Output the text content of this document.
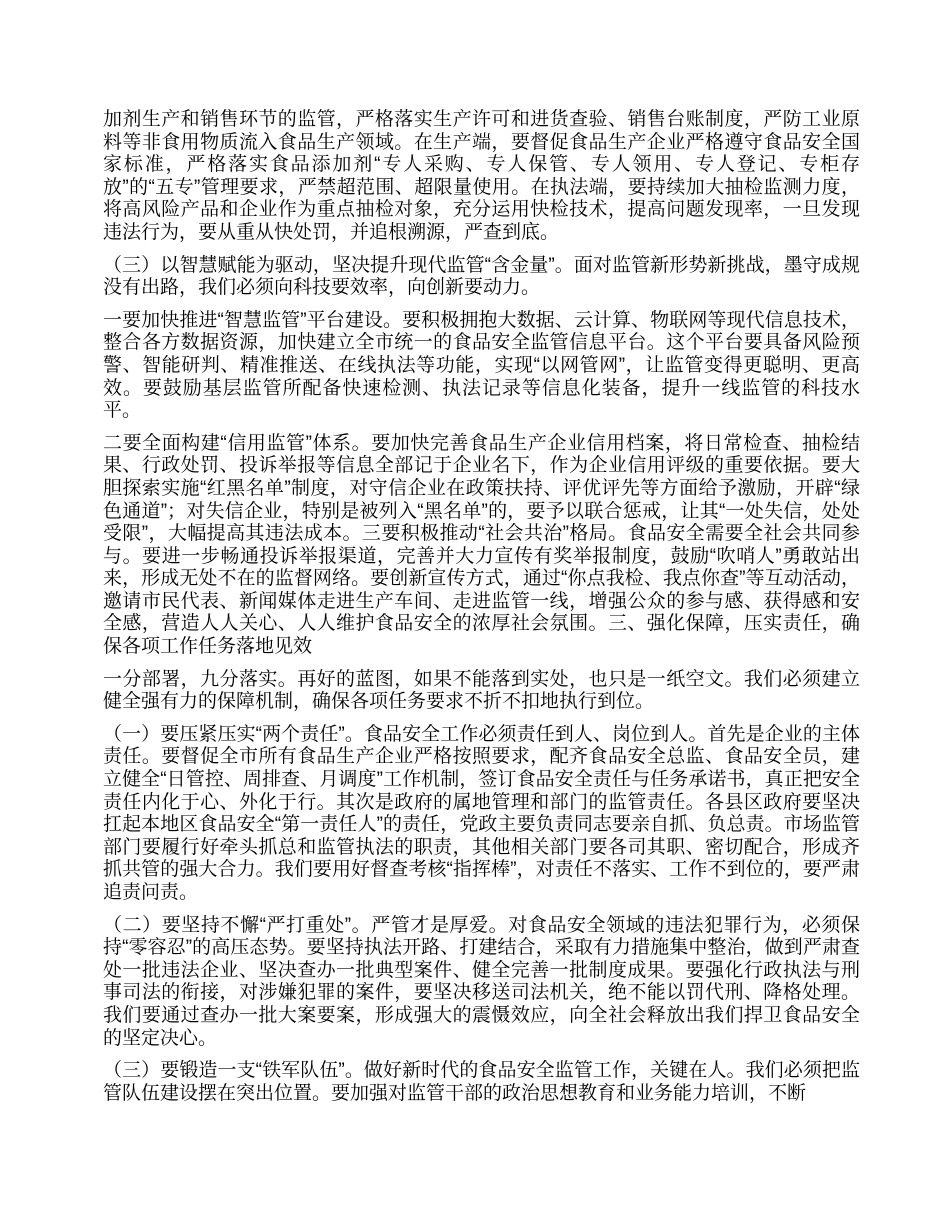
加剂生产和销售环节的监管，严格落实生产许可和进货查验、销售台账制度，严防工业原料等非食用物质流入食品生产领域。在生产端，要督促食品生产企业严格遵守食品安全国家标准，严格落实食品添加剂“专人采购、专人保管、专人领用、专人登记、专柜存放”的“五专”管理要求，严禁超范围、超限量使用。在执法端，要持续加大抽检监测力度，将高风险产品和企业作为重点抽检对象，充分运用快检技术，提高问题发现率，一旦发现违法行为，要从重从快处罚，并追根溯源，严查到底。

（三）以智慧赋能为驱动，坚决提升现代监管“含金量”。面对监管新形势新挑战，墨守成规没有出路，我们必须向科技要效率，向创新要动力。

一要加快推进“智慧监管”平台建设。要积极拥抱大数据、云计算、物联网等现代信息技术，整合各方数据资源，加快建立全市统一的食品安全监管信息平台。这个平台要具备风险预警、智能研判、精准推送、在线执法等功能，实现“以网管网”，让监管变得更聪明、更高效。要鼓励基层监管所配备快速检测、执法记录等信息化装备，提升一线监管的科技水平。

二要全面构建“信用监管”体系。要加快完善食品生产企业信用档案，将日常检查、抽检结果、行政处罚、投诉举报等信息全部记于企业名下，作为企业信用评级的重要依据。要大胆探索实施“红黑名单”制度，对守信企业在政策扶持、评优评先等方面给予激励，开辟“绿色通道”；对失信企业，特别是被列入“黑名单”的，要予以联合惩戒，让其“一处失信，处处受限”，大幅提高其违法成本。三要积极推动“社会共治”格局。食品安全需要全社会共同参与。要进一步畅通投诉举报渠道，完善并大力宣传有奖举报制度，鼓励“吹哨人”勇敢站出来，形成无处不在的监督网络。要创新宣传方式，通过“你点我检、我点你查”等互动活动，邀请市民代表、新闻媒体走进生产车间、走进监管一线，增强公众的参与感、获得感和安全感，营造人人关心、人人维护食品安全的浓厚社会氛围。三、强化保障，压实责任，确保各项工作任务落地见效

一分部署，九分落实。再好的蓝图，如果不能落到实处，也只是一纸空文。我们必须建立健全强有力的保障机制，确保各项任务要求不折不扣地执行到位。

（一）要压紧压实“两个责任”。食品安全工作必须责任到人、岗位到人。首先是企业的主体责任。要督促全市所有食品生产企业严格按照要求，配齐食品安全总监、食品安全员，建立健全“日管控、周排查、月调度”工作机制，签订食品安全责任与任务承诺书，真正把安全责任内化于心、外化于行。其次是政府的属地管理和部门的监管责任。各县区政府要坚决扛起本地区食品安全“第一责任人”的责任，党政主要负责同志要亲自抓、负总责。市场监管部门要履行好牵头抓总和监管执法的职责，其他相关部门要各司其职、密切配合，形成齐抓共管的强大合力。我们要用好督查考核“指挥棒”，对责任不落实、工作不到位的，要严肃追责问责。

（二）要坚持不懈“严打重处”。严管才是厚爱。对食品安全领域的违法犯罪行为，必须保持“零容忍”的高压态势。要坚持执法开路、打建结合，采取有力措施集中整治，做到严肃查处一批违法企业、坚决查办一批典型案件、健全完善一批制度成果。要强化行政执法与刑事司法的衔接，对涉嫌犯罪的案件，要坚决移送司法机关，绝不能以罚代刑、降格处理。我们要通过查办一批大案要案，形成强大的震慑效应，向全社会释放出我们捍卫食品安全的坚定决心。

（三）要锻造一支“铁军队伍”。做好新时代的食品安全监管工作，关键在人。我们必须把监管队伍建设摆在突出位置。要加强对监管干部的政治思想教育和业务能力培训，不断
